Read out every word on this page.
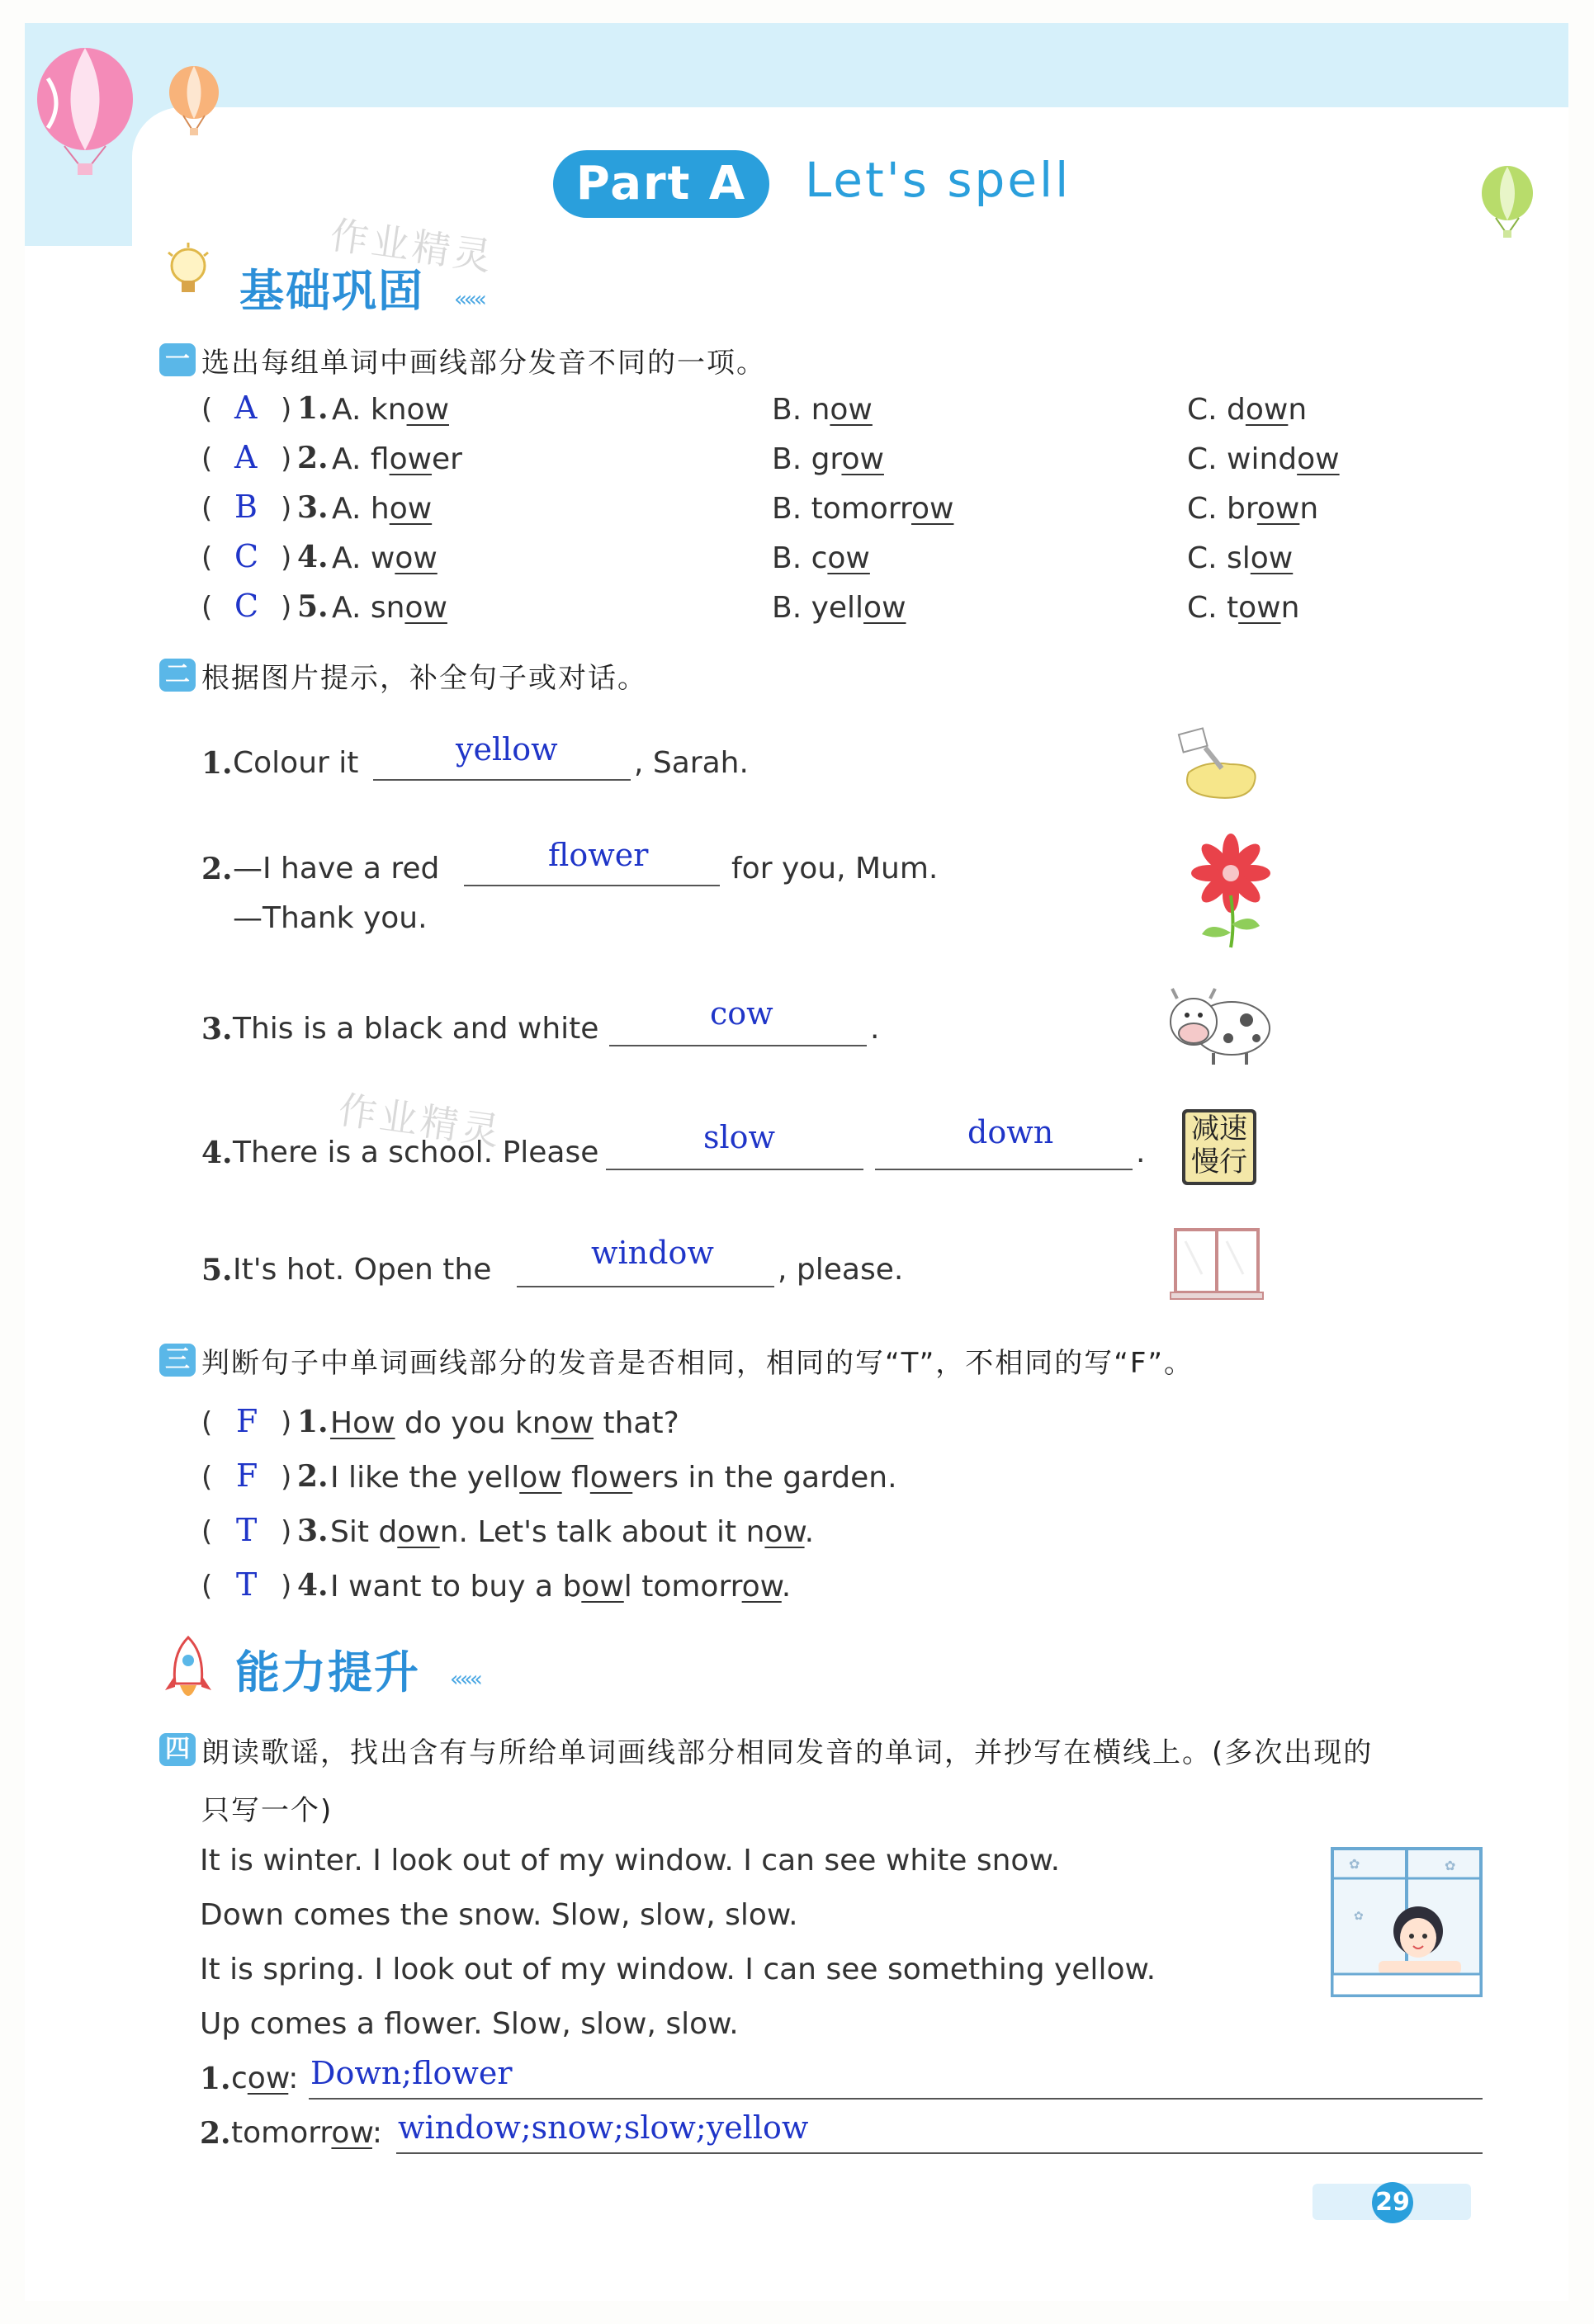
Part A	Let's spell
基础巩固 «««
作业精灵
一 选出每组单词中画线部分发音不同的一项。
( A ) 1. A. know	B. now	C. down
( A ) 2. A. flower	B. grow	C. window
( B ) 3. A. how	B. tomorrow	C. brown
( C ) 4. A. wow	B. cow	C. slow
( C ) 5. A. snow	B. yellow	C. town
二 根据图片提示，补全句子或对话。
1. Colour it	yellow	, Sarah.
2. —I have a red	flower	for you, Mum.
—Thank you.
3. This is a black and white	cow	.
4. There is a school. Please	slow	down
.
作业精灵	减速
慢行
5. It's hot. Open the	window , please.
三 判断句子中单词画线部分的发音是否相同，相同的写“T”，不相同的写“F”。
( F ) 1. How do you know that?
( F ) 2. I like the yellow flowers in the garden.
( T ) 3. Sit down. Let's talk about it now.
( T ) 4. I want to buy a bowl tomorrow.
能力提升 «««
四 朗读歌谣，找出含有与所给单词画线部分相同发音的单词，并抄写在横线上。(多次出现的
只写一个)
It is winter. I look out of my window. I can see white snow.
Down comes the snow. Slow, slow, slow.
It is spring. I look out of my window. I can see something yellow.
Up comes a flower. Slow, slow, slow.
✿	✿
✿
1. cow: Down;flower
2. tomorrow: window;snow;slow;yellow
29
